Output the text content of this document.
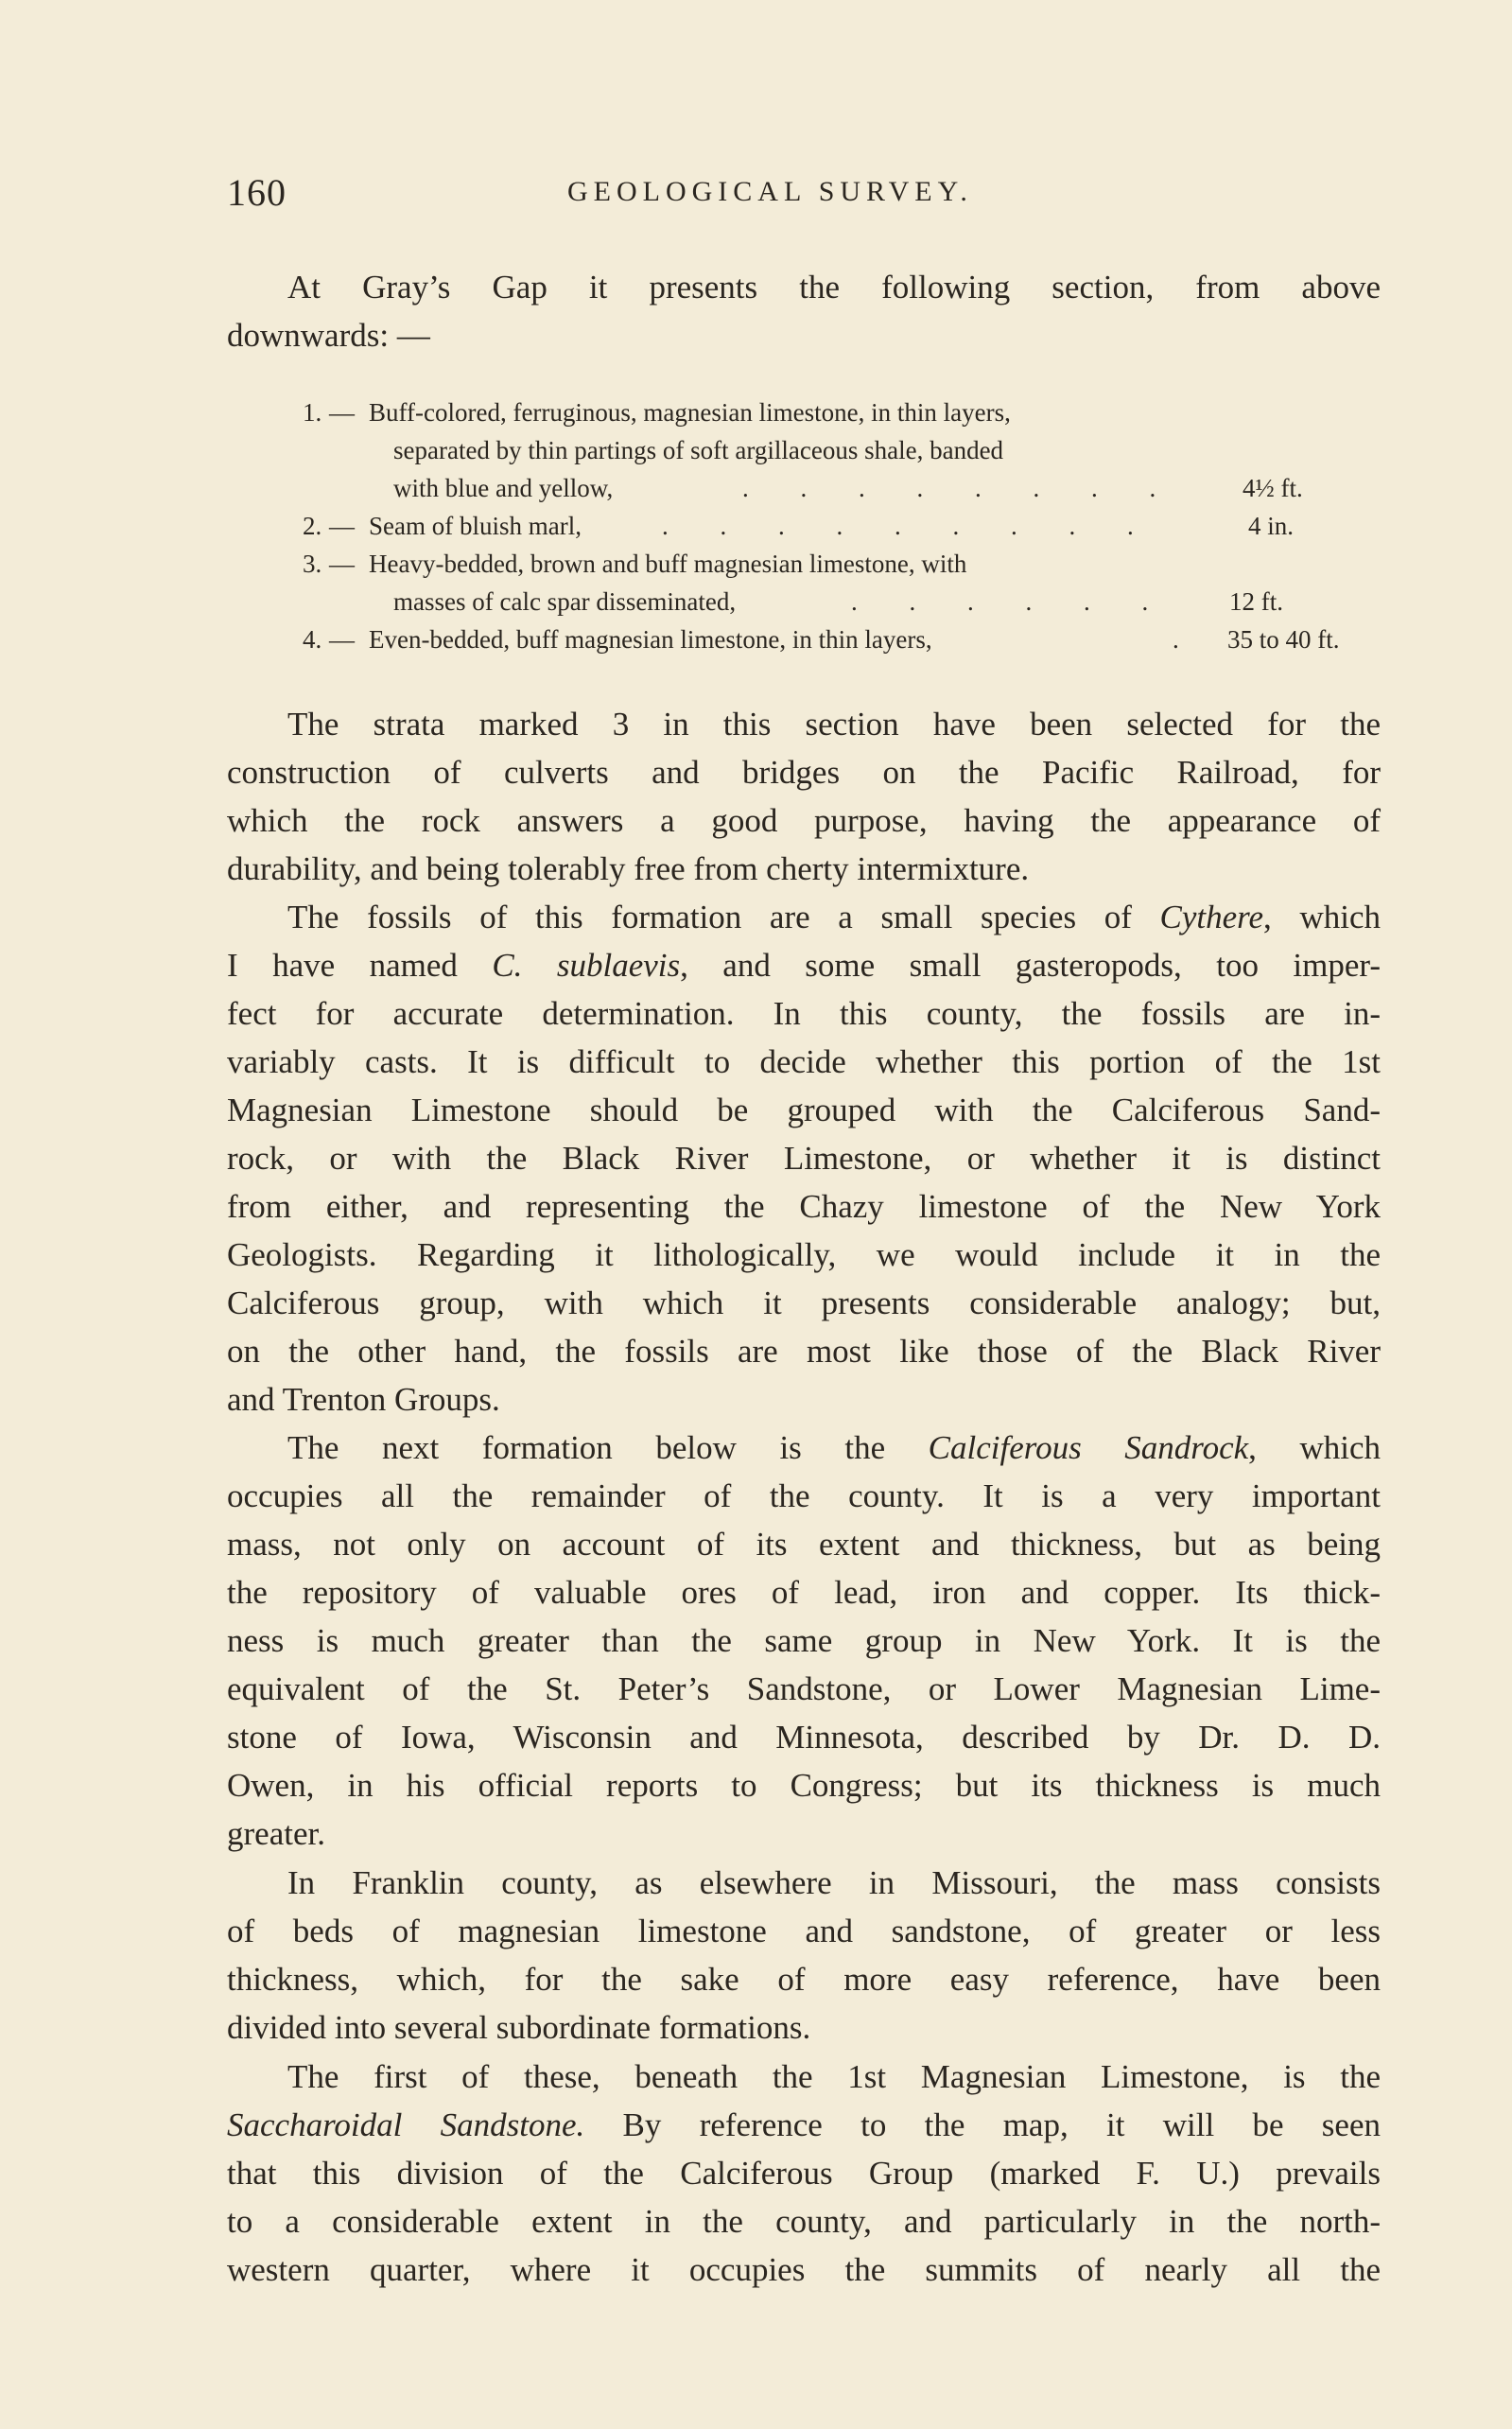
160	GEOLOGICAL SURVEY.
At Gray’s Gap it presents the following section, from above
downwards: —
1. — Buff-colored, ferruginous, magnesian limestone, in thin layers,
separated by thin partings of soft argillaceous shale, banded
with blue and yellow,	. . . . . . . .	4½ ft.
2. — Seam of bluish marl,	. . . . . . . . .	4 in.
3. — Heavy-bedded, brown and buff magnesian limestone, with
masses of calc spar disseminated,	. . . . . . 12 ft.
4. — Even-bedded, buff magnesian limestone, in thin layers,	. 35 to 40 ft.
The strata marked 3 in this section have been selected for the
construction of culverts and bridges on the Pacific Railroad, for
which the rock answers a good purpose, having the appearance of
durability, and being tolerably free from cherty intermixture.
The fossils of this formation are a small species of Cythere, which
I have named C. sublaevis, and some small gasteropods, too imper-
fect for accurate determination. In this county, the fossils are in-
variably casts. It is difficult to decide whether this portion of the 1st
Magnesian Limestone should be grouped with the Calciferous Sand-
rock, or with the Black River Limestone, or whether it is distinct
from either, and representing the Chazy limestone of the New York
Geologists. Regarding it lithologically, we would include it in the
Calciferous group, with which it presents considerable analogy; but,
on the other hand, the fossils are most like those of the Black River
and Trenton Groups.
The next formation below is the Calciferous Sandrock, which
occupies all the remainder of the county. It is a very important
mass, not only on account of its extent and thickness, but as being
the repository of valuable ores of lead, iron and copper. Its thick-
ness is much greater than the same group in New York. It is the
equivalent of the St. Peter’s Sandstone, or Lower Magnesian Lime-
stone of Iowa, Wisconsin and Minnesota, described by Dr. D. D.
Owen, in his official reports to Congress; but its thickness is much
greater.
In Franklin county, as elsewhere in Missouri, the mass consists
of beds of magnesian limestone and sandstone, of greater or less
thickness, which, for the sake of more easy reference, have been
divided into several subordinate formations.
The first of these, beneath the 1st Magnesian Limestone, is the
Saccharoidal Sandstone. By reference to the map, it will be seen
that this division of the Calciferous Group (marked F. U.) prevails
to a considerable extent in the county, and particularly in the north-
western quarter, where it occupies the summits of nearly all the
